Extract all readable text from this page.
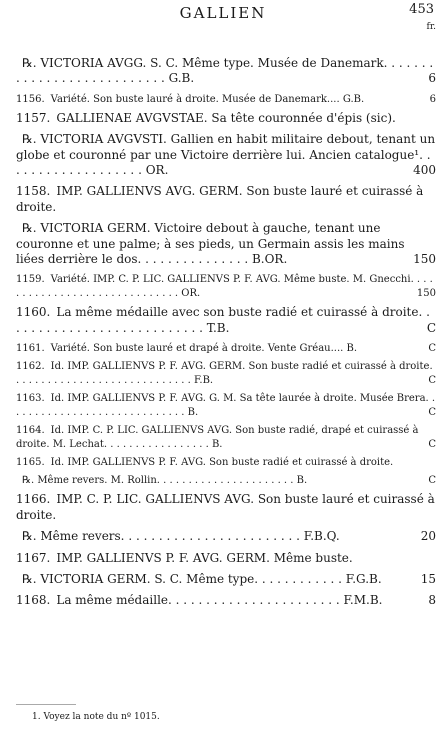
GALLIEN	453
fr.
℞. VICTORIA AVGG. S. C. Même type. Musée de Danemark. . . . . . . . . . . . . . . . . . . . . . . . . . . G.B.	6
1156. Variété. Son buste lauré à droite. Musée de Danemark.... G.B.	6
1157. GALLIENAE AVGVSTAE. Sa tête couronnée d'épis (sic).
℞. VICTORIA AVGVSTI. Gallien en habit militaire debout, tenant un globe et couronné par une Victoire derrière lui. Ancien catalogue¹. . . . . . . . . . . . . . . . . . . OR.	400
1158. IMP. GALLIENVS AVG. GERM. Son buste lauré et cuirassé à droite.
℞. VICTORIA GERM. Victoire debout à gauche, tenant une couronne et une palme; à ses pieds, un Germain assis les mains liées derrière le dos. . . . . . . . . . . . . . . B.OR.	150
1159. Variété. IMP. C. P. LIC. GALLIENVS P. F. AVG. Même buste. M. Gnecchi. . . . . . . . . . . . . . . . . . . . . . . . . . . . . . OR.	150
1160. La même médaille avec son buste radié et cuirassé à droite. . . . . . . . . . . . . . . . . . . . . . . . . . . T.B.	C
1161. Variété. Son buste lauré et drapé à droite. Vente Gréau.... B.	C
1162. Id. IMP. GALLIENVS P. F. AVG. GERM. Son buste radié et cuirassé à droite. . . . . . . . . . . . . . . . . . . . . . . . . . . . . F.B.	C
1163. Id. IMP. GALLIENVS P. F. AVG. G. M. Sa tête laurée à droite. Musée Brera. . . . . . . . . . . . . . . . . . . . . . . . . . . . . B.	C
1164. Id. IMP. C. P. LIC. GALLIENVS AVG. Son buste radié, drapé et cuirassé à droite. M. Lechat. . . . . . . . . . . . . . . . . B.	C
1165. Id. IMP. GALLIENVS P. F. AVG. Son buste radié et cuirassé à droite.
℞. Même revers. M. Rollin. . . . . . . . . . . . . . . . . . . . . . B.	C
1166. IMP. C. P. LIC. GALLIENVS AVG. Son buste lauré et cuirassé à droite.
℞. Même revers. . . . . . . . . . . . . . . . . . . . . . . . F.B.Q.	20
1167. IMP. GALLIENVS P. F. AVG. GERM. Même buste.
℞. VICTORIA GERM. S. C. Même type. . . . . . . . . . . . F.G.B.	15
1168. La même médaille. . . . . . . . . . . . . . . . . . . . . . . F.M.B.	8
1. Voyez la note du nº 1015.
